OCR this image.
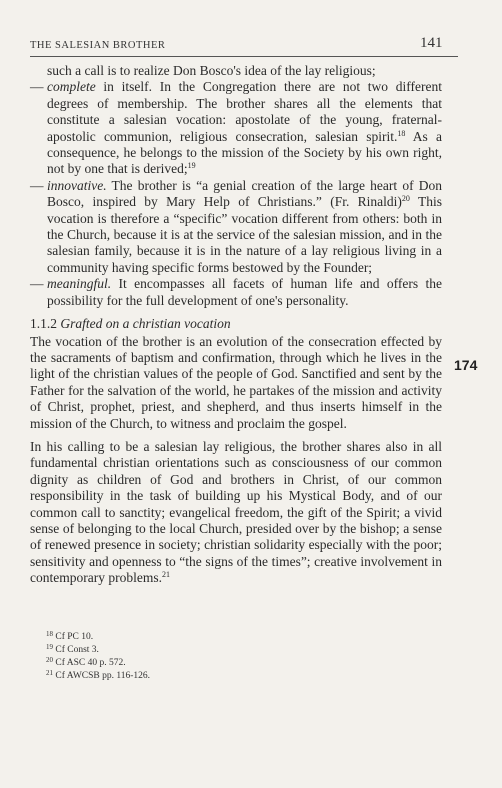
THE SALESIAN BROTHER	141
174

such a call is to realize Don Bosco's idea of the lay religious;

— complete in itself. In the Congregation there are not two different degrees of membership. The brother shares all the elements that constitute a salesian vocation: apostolate of the young, fraternal-apostolic communion, religious consecration, salesian spirit.$^{18}$ As a consequence, he belongs to the mission of the Society by his own right, not by one that is derived;$^{19}$

— innovative. The brother is “a genial creation of the large heart of Don Bosco, inspired by Mary Help of Christians.” (Fr. Rinaldi)$^{20}$ This vocation is therefore a “specific” vocation different from others: both in the Church, because it is at the service of the salesian mission, and in the salesian family, because it is in the nature of a lay religious living in a community having specific forms bestowed by the Founder;

— meaningful. It encompasses all facets of human life and offers the possibility for the full development of one's personality.

1.1.2 Grafted on a christian vocation

The vocation of the brother is an evolution of the consecration effected by the sacraments of baptism and confirmation, through which he lives in the light of the christian values of the people of God. Sanctified and sent by the Father for the salvation of the world, he partakes of the mission and activity of Christ, prophet, priest, and shepherd, and thus inserts himself in the mission of the Church, to witness and proclaim the gospel.

In his calling to be a salesian lay religious, the brother shares also in all fundamental christian orientations such as consciousness of our common dignity as children of God and brothers in Christ, of our common responsibility in the task of building up his Mystical Body, and of our common call to sanctity; evangelical freedom, the gift of the Spirit; a vivid sense of belonging to the local Church, presided over by the bishop; a sense of renewed presence in society; christian solidarity especially with the poor; sensitivity and openness to “the signs of the times”; creative involvement in contemporary problems.$^{21}$

$^{18}$ Cf PC 10.

$^{19}$ Cf Const 3.

$^{20}$ Cf ASC 40 p. 572.

$^{21}$ Cf AWCSB pp. 116-126.
